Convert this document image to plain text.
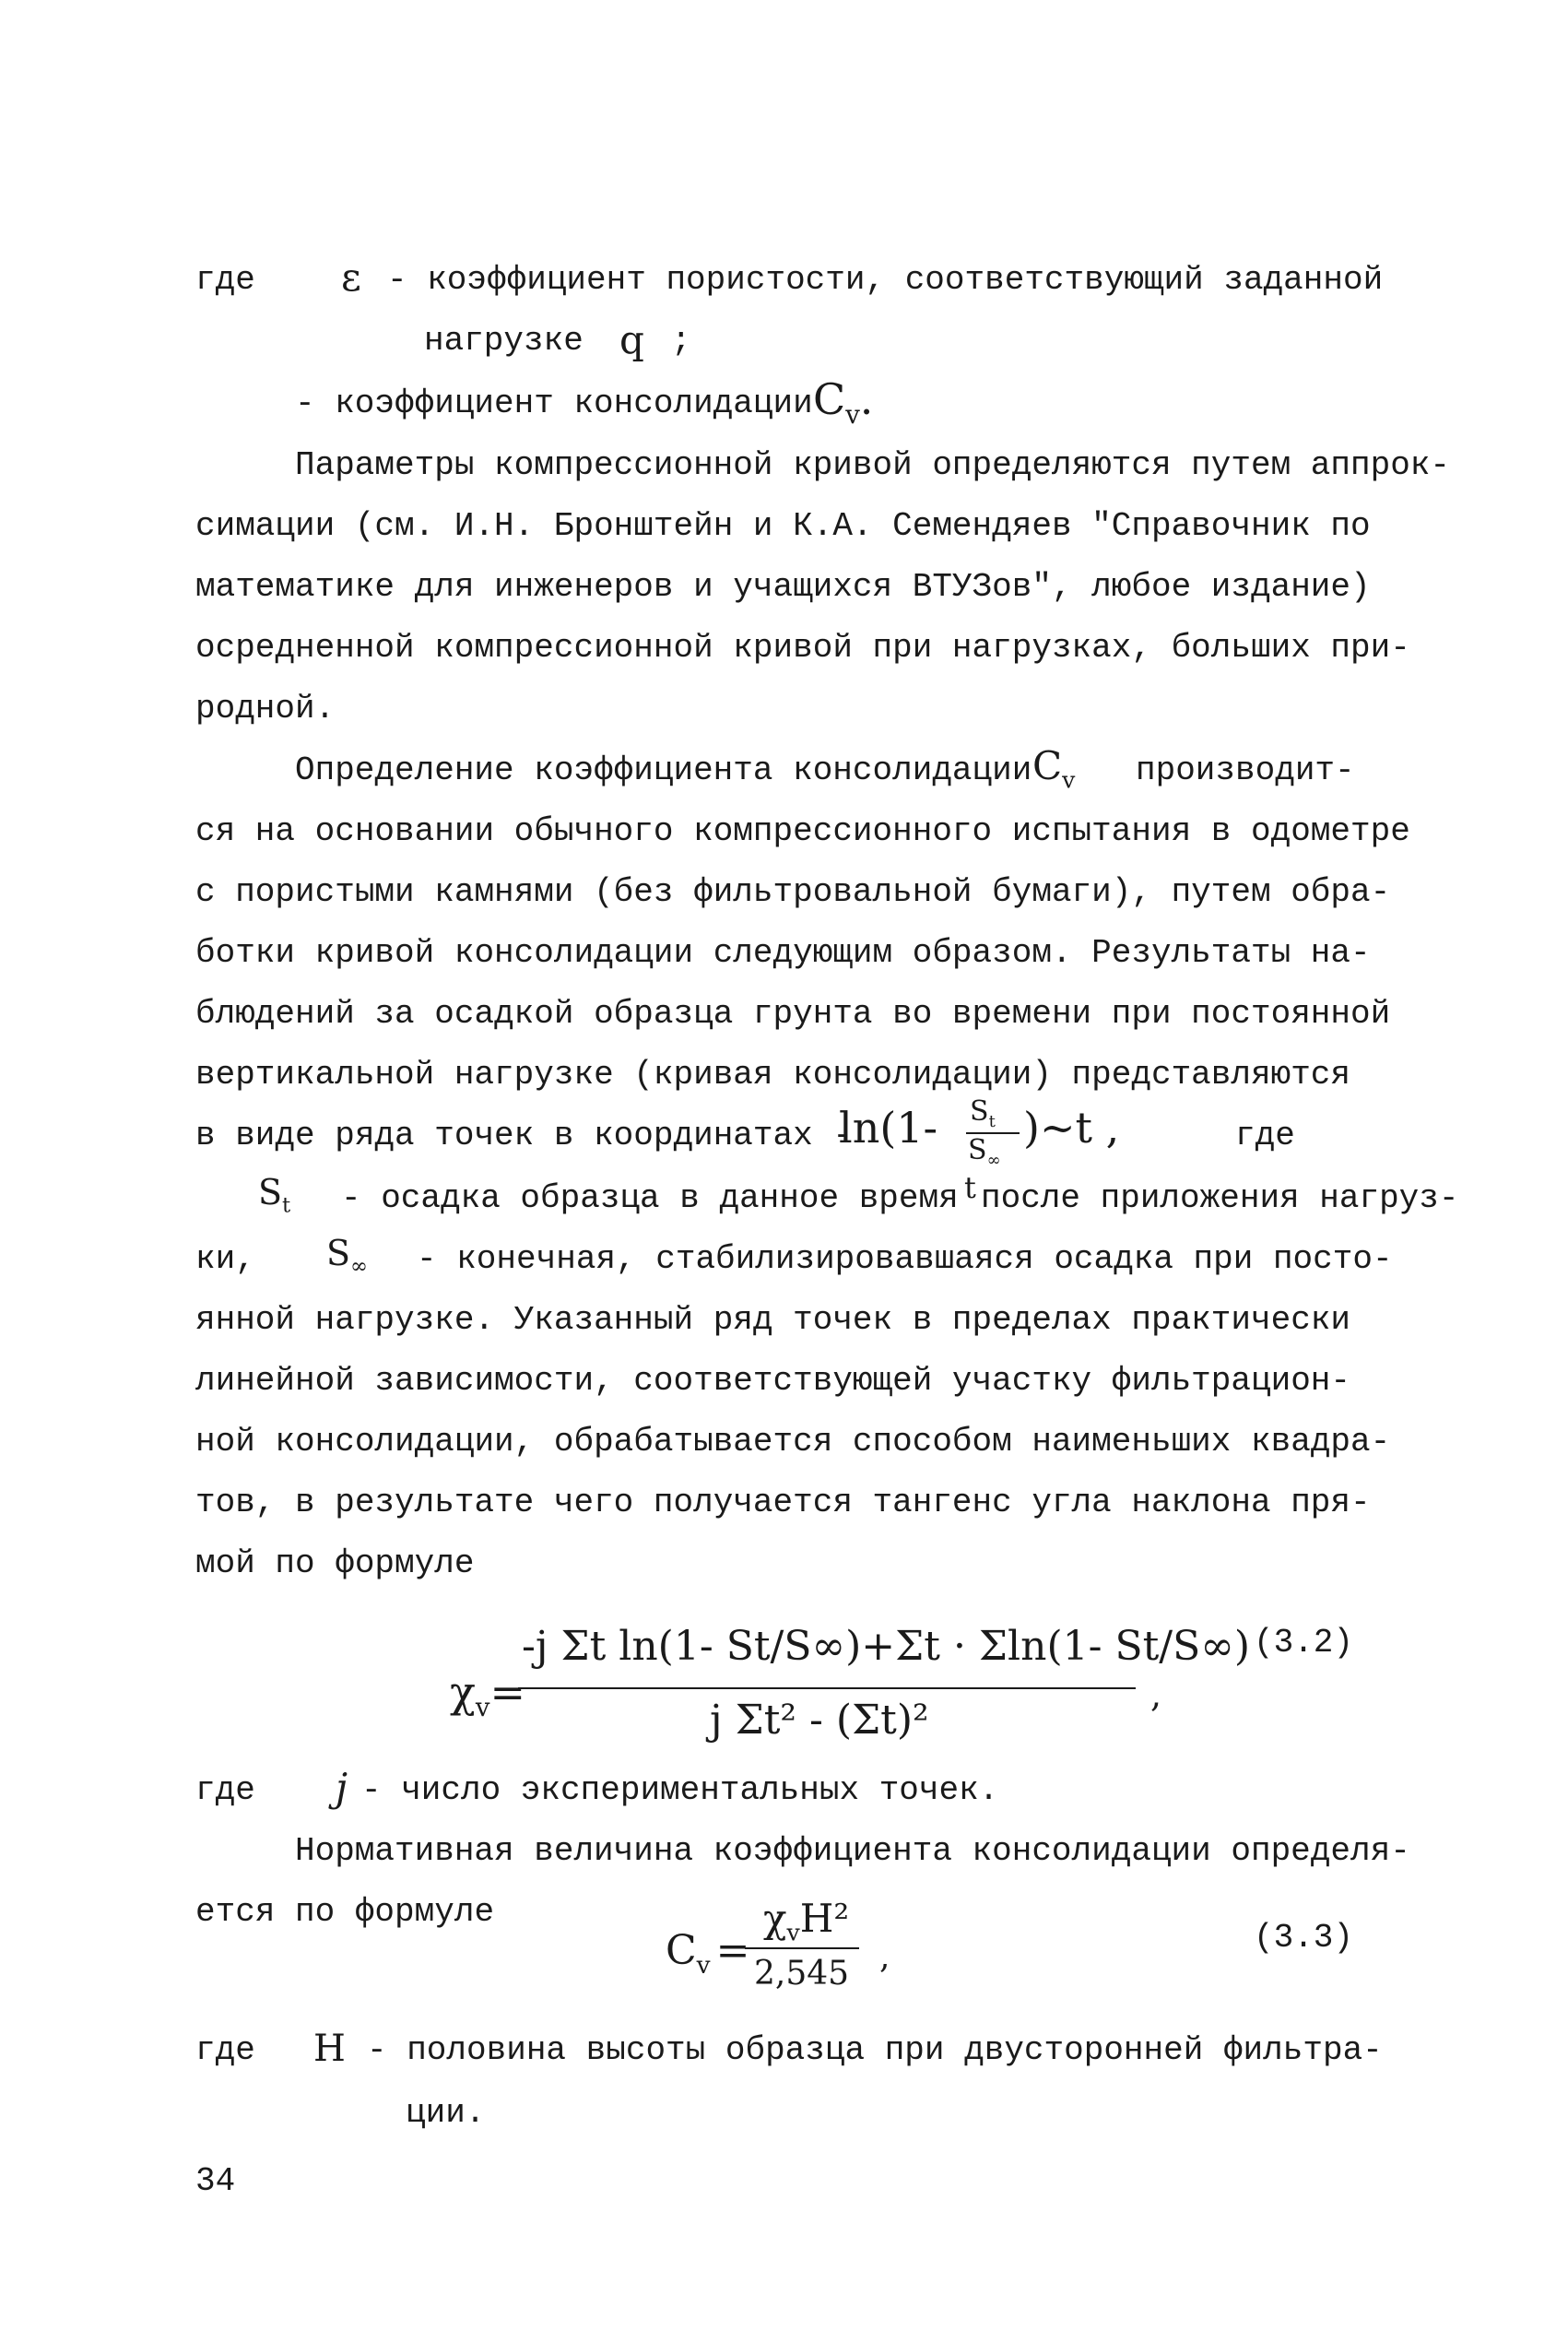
где ε - коэффициент пористости, соответствующий заданной
нагрузке q ;
- коэффициент консолидации $C_v$.
Параметры компрессионной кривой определяются путем аппрок-
симации (см. И.Н. Бронштейн и К.А. Семендяев "Справочник по
математике для инженеров и учащихся ВТУЗов", любое издание)
осредненной компрессионной кривой при нагрузках, больших при-
родной.
Определение коэффициента консолидации $C_v$ производит-
ся на основании обычного компрессионного испытания в одометре
с пористыми камнями (без фильтровальной бумаги), путем обра-
ботки кривой консолидации следующим образом. Результаты на-
блюдений за осадкой образца грунта во времени при постоянной
вертикальной нагрузке (кривая консолидации) представляются
в виде ряда точек в координатах -
ln(1- $S_t$
$S_\infty$
)~t ,	где
$S_t$ - осадка образца в данное время t после приложения нагруз-
ки, $S_\infty$ - конечная, стабилизировавшаяся осадка при посто-
янной нагрузке. Указанный ряд точек в пределах практически
линейной зависимости, соответствующей участку фильтрацион-
ной консолидации, обрабатывается способом наименьших квадра-
тов, в результате чего получается тангенс угла наклона пря-
мой по формуле
$\chi_v=$
-j Σt ln(1- St/S∞)+Σt · Σln(1- St/S∞)
j Σt² - (Σt)²
,
(3.2)
где j - число экспериментальных точек.
Нормативная величина коэффициента консолидации определя-
ется по формуле
$C_v$ =
$\chi_vH^2$
2,545 ,
(3.3)
где H - половина высоты образца при двусторонней фильтра-
ции.
34
